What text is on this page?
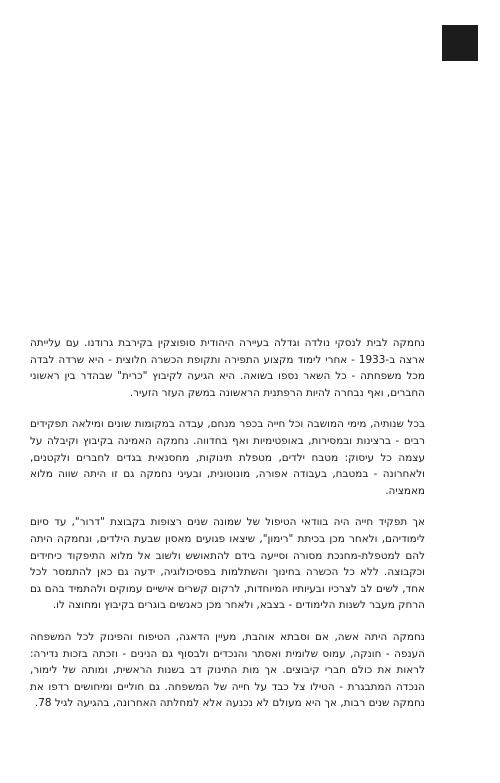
נחמקה לבית לנסקי נולדה וגדלה בעיירה היהודית סופוצקין בקירבת גרודנו. עם עלייתה ארצה ב-1933 - אחרי לימוד מקצוע התפירה ותקופת הכשרה חלוצית - היא שרדה לבדה מכל משפחתה - כל השאר נספו בשואה. היא הגיעה לקיבוץ "כרית" שבהדר בין ראשוני החברים, ואף נבחרה להיות הרפתנית הראשונה במשק העזר הזעיר.

בכל שנותיה, מימי המושבה וכל חייה בכפר מנחם, עבדה במקומות שונים ומילאה תפקידים רבים - ברצינות ובמסירות, באופטימיות ואף בחדווה. נחמקה האמינה בקיבוץ וקיבלה על עצמה כל עיסוק: מטבח ילדים, מטפלת תינוקות, מחסנאית בגדים לחברים ולקטנים, ולאחרונה - במטבח, בעבודה אפורה, מונוטונית, ובעיני נחמקה גם זו היתה שווה מלוא מאמציה.

אך תפקיד חייה היה בוודאי הטיפול של שמונה שנים רצופות בקבוצת "דרור", עד סיום לימודיהם, ולאחר מכן בכיתת "רימון", שיצאו פגועים מאסון שבעת הילדים, ונחמקה היתה להם למטפלת-מחנכת מסורה וסייעה בידם להתאושש ולשוב אל מלוא התיפקוד כיחידים וכקבוצה. ללא כל הכשרה בחינוך והשתלמות בפסיכולוגיה, ידעה גם כאן להתמסר לכל אחד, לשים לב לצרכיו ובעיותיו המיוחדות, לרקום קשרים אישיים עמוקים ולהתמיד בהם גם הרחק מעבר לשנות הלימודים - בצבא, ולאחר מכן כאנשים בוגרים בקיבוץ ומחוצה לו.

נחמקה היתה אשה, אם וסבתא אוהבת, מעיין הדאגה, הטיפוח והפינוק לכל המשפחה הענפה - חונקה, עמוס שלומית ואסתר והנכדים ולבסוף גם הנינים - וזכתה בזכות נדירה: לראות את כולם חברי קיבוצים. אך מות התינוק דב בשנות הראשית, ומותה של לימור, הנכדה המתבגרת - הטילו צל כבד על חייה של המשפחה. גם חוליים ומיחושים רדפו את נחמקה שנים רבות, אך היא מעולם לא נכנעה אלא למחלתה האחרונה, בהגיעה לגיל 78.
